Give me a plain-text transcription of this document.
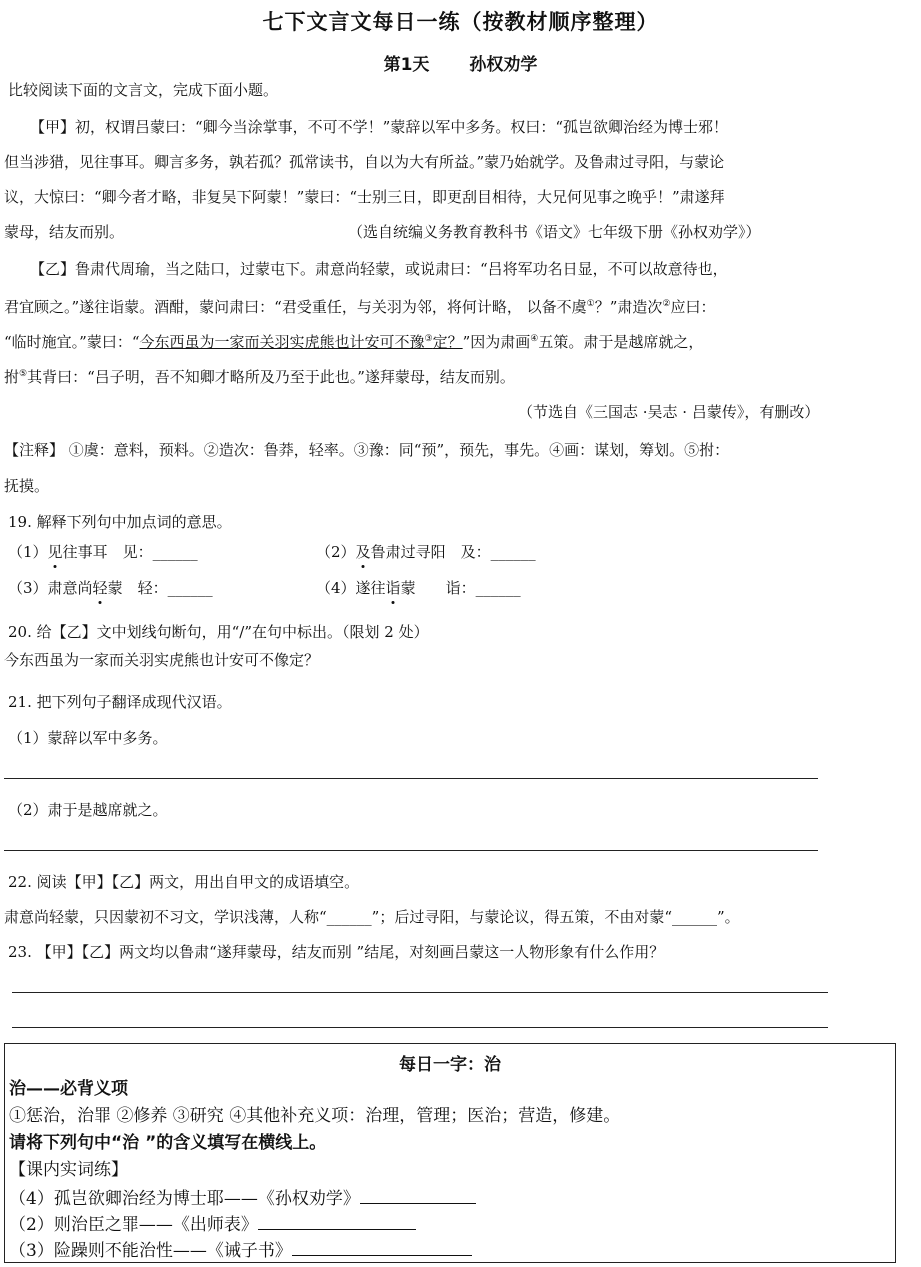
七下文言文每日一练（按教材顺序整理）
第1天 孙权劝学
比较阅读下面的文言文，完成下面小题。
【甲】初，权谓吕蒙曰：“卿今当涂掌事，不可不学！”蒙辞以军中多务。权曰：“孤岂欲卿治经为博士邪！
但当涉猎，见往事耳。卿言多务，孰若孤？孤常读书，自以为大有所益。”蒙乃始就学。及鲁肃过寻阳，与蒙论
议，大惊曰：“卿今者才略，非复吴下阿蒙！”蒙曰：“士别三日，即更刮目相待，大兄何见事之晚乎！”肃遂拜
蒙母，结友而别。	（选自统编义务教育教科书《语文》七年级下册《孙权劝学》）
【乙】鲁肃代周瑜，当之陆口，过蒙屯下。肃意尚轻蒙，或说肃曰：“吕将军功名日显，不可以故意待也，
君宜顾之。”遂往诣蒙。酒酣，蒙问肃曰：“君受重任，与关羽为邻，将何计略， 以备不虞①？”肃造次②应曰：
“临时施宜。”蒙曰：“今东西虽为一家而关羽实虎熊也计安可不豫③定？”因为肃画④五策。肃于是越席就之，
拊⑤其背曰：“吕子明，吾不知卿才略所及乃至于此也。”遂拜蒙母，结友而别。
（节选自《三国志 ·吴志 · 吕蒙传》，有删改）
【注释】 ①虞：意料，预料。②造次：鲁莽，轻率。③豫：同“预”，预先，事先。④画：谋划，筹划。⑤拊：
抚摸。
19. 解释下列句中加点词的意思。
（1）见往事耳　见：______	（2）及鲁肃过寻阳　及：______
（3）肃意尚轻蒙　轻：______	（4）遂往诣蒙　　诣：______
20. 给【乙】文中划线句断句，用“/”在句中标出。（限划 2 处）
今东西虽为一家而关羽实虎熊也计安可不像定？
21. 把下列句子翻译成现代汉语。
（1）蒙辞以军中多务。
（2）肃于是越席就之。
22. 阅读【甲】【乙】两文，用出自甲文的成语填空。
肃意尚轻蒙，只因蒙初不习文，学识浅薄，人称“______”；后过寻阳，与蒙论议，得五策，不由对蒙“______”。
23. 【甲】【乙】两文均以鲁肃“遂拜蒙母，结友而别 ”结尾，对刻画吕蒙这一人物形象有什么作用？
每日一字：治
治——必背义项
①惩治，治罪 ②修养 ③研究 ④其他补充义项：治理，管理；医治；营造，修建。
请将下列句中“治 ”的含义填写在横线上。
【课内实词练】
（4）孤岂欲卿治经为博士耶——《孙权劝学》
（2）则治臣之罪——《出师表》
（3）险躁则不能治性——《诫子书》
